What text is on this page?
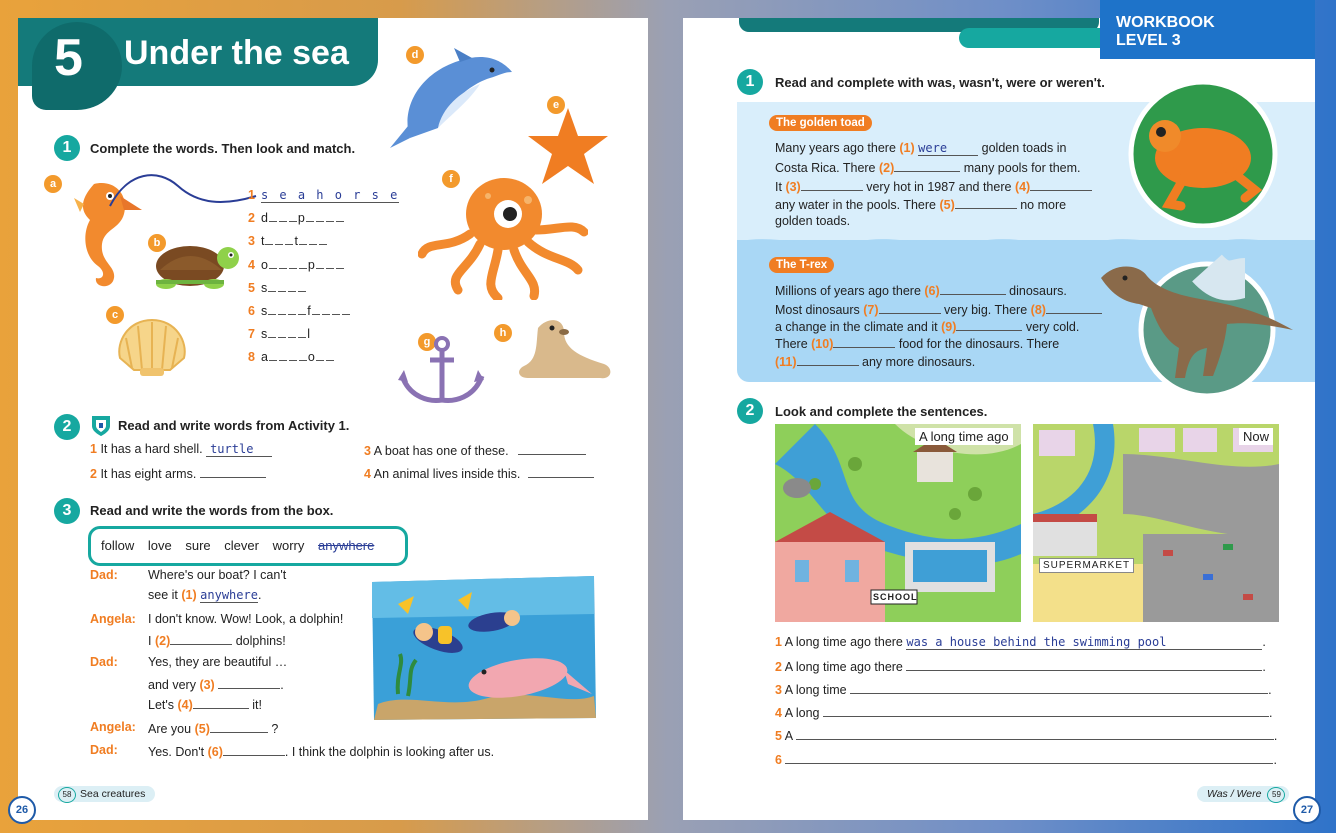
5 Under the sea
1	Complete the words. Then look and match.
a
b
c
d
e
f
g
h
1 s e a h o r s e
2 d p
3 t t
4 o	p
5 s
6 s	f
7 s	l
8 a	o
2	Read and write words from Activity 1.
1 It has a hard shell. turtle
2 It has eight arms.
3 A boat has one of these.
4 An animal lives inside this.
3	Read and write the words from the box.
follow love sure clever worry anywhere
Dad: Where's our boat? I can't
see it (1) anywhere.
Angela: I don't know. Wow! Look, a dolphin!
I (2)	dolphins!
Dad: Yes, they are beautiful …
and very (3)	.
Let's (4)	it!
Angela: Are you (5)	?
Dad: Yes. Don't (6)	. I think the dolphin is looking after us.
58 Sea creatures
26
WORKBOOK
LEVEL 3
1	Read and complete with was, wasn't, were or weren't.
The golden toad
Many years ago there (1) were	golden toads in
Costa Rica. There (2)	many pools for them.
It (3)	very hot in 1987 and there (4)
any water in the pools. There (5)	no more
golden toads.
The T-rex
Millions of years ago there (6)	dinosaurs.
Most dinosaurs (7)	very big. There (8)
a change in the climate and it (9)	very cold.
There (10)	food for the dinosaurs. There
(11)	any more dinosaurs.
2	Look and complete the sentences.
A long time ago
SCHOOL
Now
SUPERMARKET
1 A long time ago there was a house behind the swimming pool	.
2 A long time ago there	.
3 A long time	.
4 A long	.
5 A	.
6	.
Was / Were 59
27
